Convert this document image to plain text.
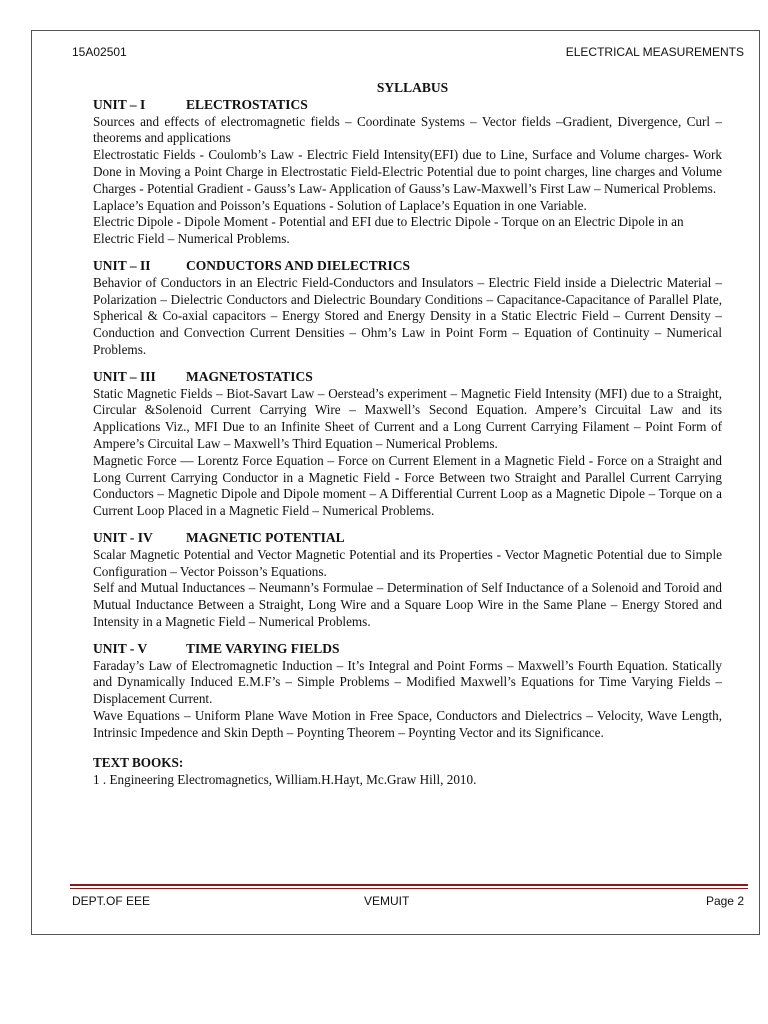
15A02501	ELECTRICAL MEASUREMENTS

SYLLABUS

UNIT – I	ELECTROSTATICS

Sources and effects of electromagnetic fields – Coordinate Systems – Vector fields –Gradient, Divergence, Curl – theorems and applications

Electrostatic Fields - Coulomb’s Law - Electric Field Intensity(EFI) due to Line, Surface and Volume charges- Work Done in Moving a Point Charge in Electrostatic Field-Electric Potential due to point charges, line charges and Volume Charges - Potential Gradient - Gauss’s Law- Application of Gauss’s Law-Maxwell’s First Law – Numerical Problems.

Laplace’s Equation and Poisson’s Equations - Solution of Laplace’s Equation in one Variable.

Electric Dipole - Dipole Moment - Potential and EFI due to Electric Dipole - Torque on an Electric Dipole in an Electric Field – Numerical Problems.

UNIT – II	CONDUCTORS AND DIELECTRICS

Behavior of Conductors in an Electric Field-Conductors and Insulators – Electric Field inside a Dielectric Material – Polarization – Dielectric Conductors and Dielectric Boundary Conditions – Capacitance-Capacitance of Parallel Plate, Spherical & Co-axial capacitors – Energy Stored and Energy Density in a Static Electric Field – Current Density – Conduction and Convection Current Densities – Ohm’s Law in Point Form – Equation of Continuity – Numerical Problems.

UNIT – III	MAGNETOSTATICS

Static Magnetic Fields – Biot-Savart Law – Oerstead’s experiment – Magnetic Field Intensity (MFI) due to a Straight, Circular &Solenoid Current Carrying Wire – Maxwell’s Second Equation. Ampere’s Circuital Law and its Applications Viz., MFI Due to an Infinite Sheet of Current and a Long Current Carrying Filament – Point Form of Ampere’s Circuital Law – Maxwell’s Third Equation – Numerical Problems.

Magnetic Force –– Lorentz Force Equation – Force on Current Element in a Magnetic Field - Force on a Straight and Long Current Carrying Conductor in a Magnetic Field - Force Between two Straight and Parallel Current Carrying Conductors – Magnetic Dipole and Dipole moment – A Differential Current Loop as a Magnetic Dipole – Torque on a Current Loop Placed in a Magnetic Field – Numerical Problems.

UNIT - IV	MAGNETIC POTENTIAL

Scalar Magnetic Potential and Vector Magnetic Potential and its Properties - Vector Magnetic Potential due to Simple Configuration – Vector Poisson’s Equations.

Self and Mutual Inductances – Neumann’s Formulae – Determination of Self Inductance of a Solenoid and Toroid and Mutual Inductance Between a Straight, Long Wire and a Square Loop Wire in the Same Plane – Energy Stored and Intensity in a Magnetic Field – Numerical Problems.

UNIT - V	TIME VARYING FIELDS

Faraday’s Law of Electromagnetic Induction – It’s Integral and Point Forms – Maxwell’s Fourth Equation. Statically and Dynamically Induced E.M.F’s – Simple Problems – Modified Maxwell’s Equations for Time Varying Fields – Displacement Current.

Wave Equations – Uniform Plane Wave Motion in Free Space, Conductors and Dielectrics – Velocity, Wave Length, Intrinsic Impedence and Skin Depth – Poynting Theorem – Poynting Vector and its Significance.

TEXT BOOKS:

1 . Engineering Electromagnetics, William.H.Hayt, Mc.Graw Hill, 2010.

DEPT.OF EEE	VEMUIT	Page 2
